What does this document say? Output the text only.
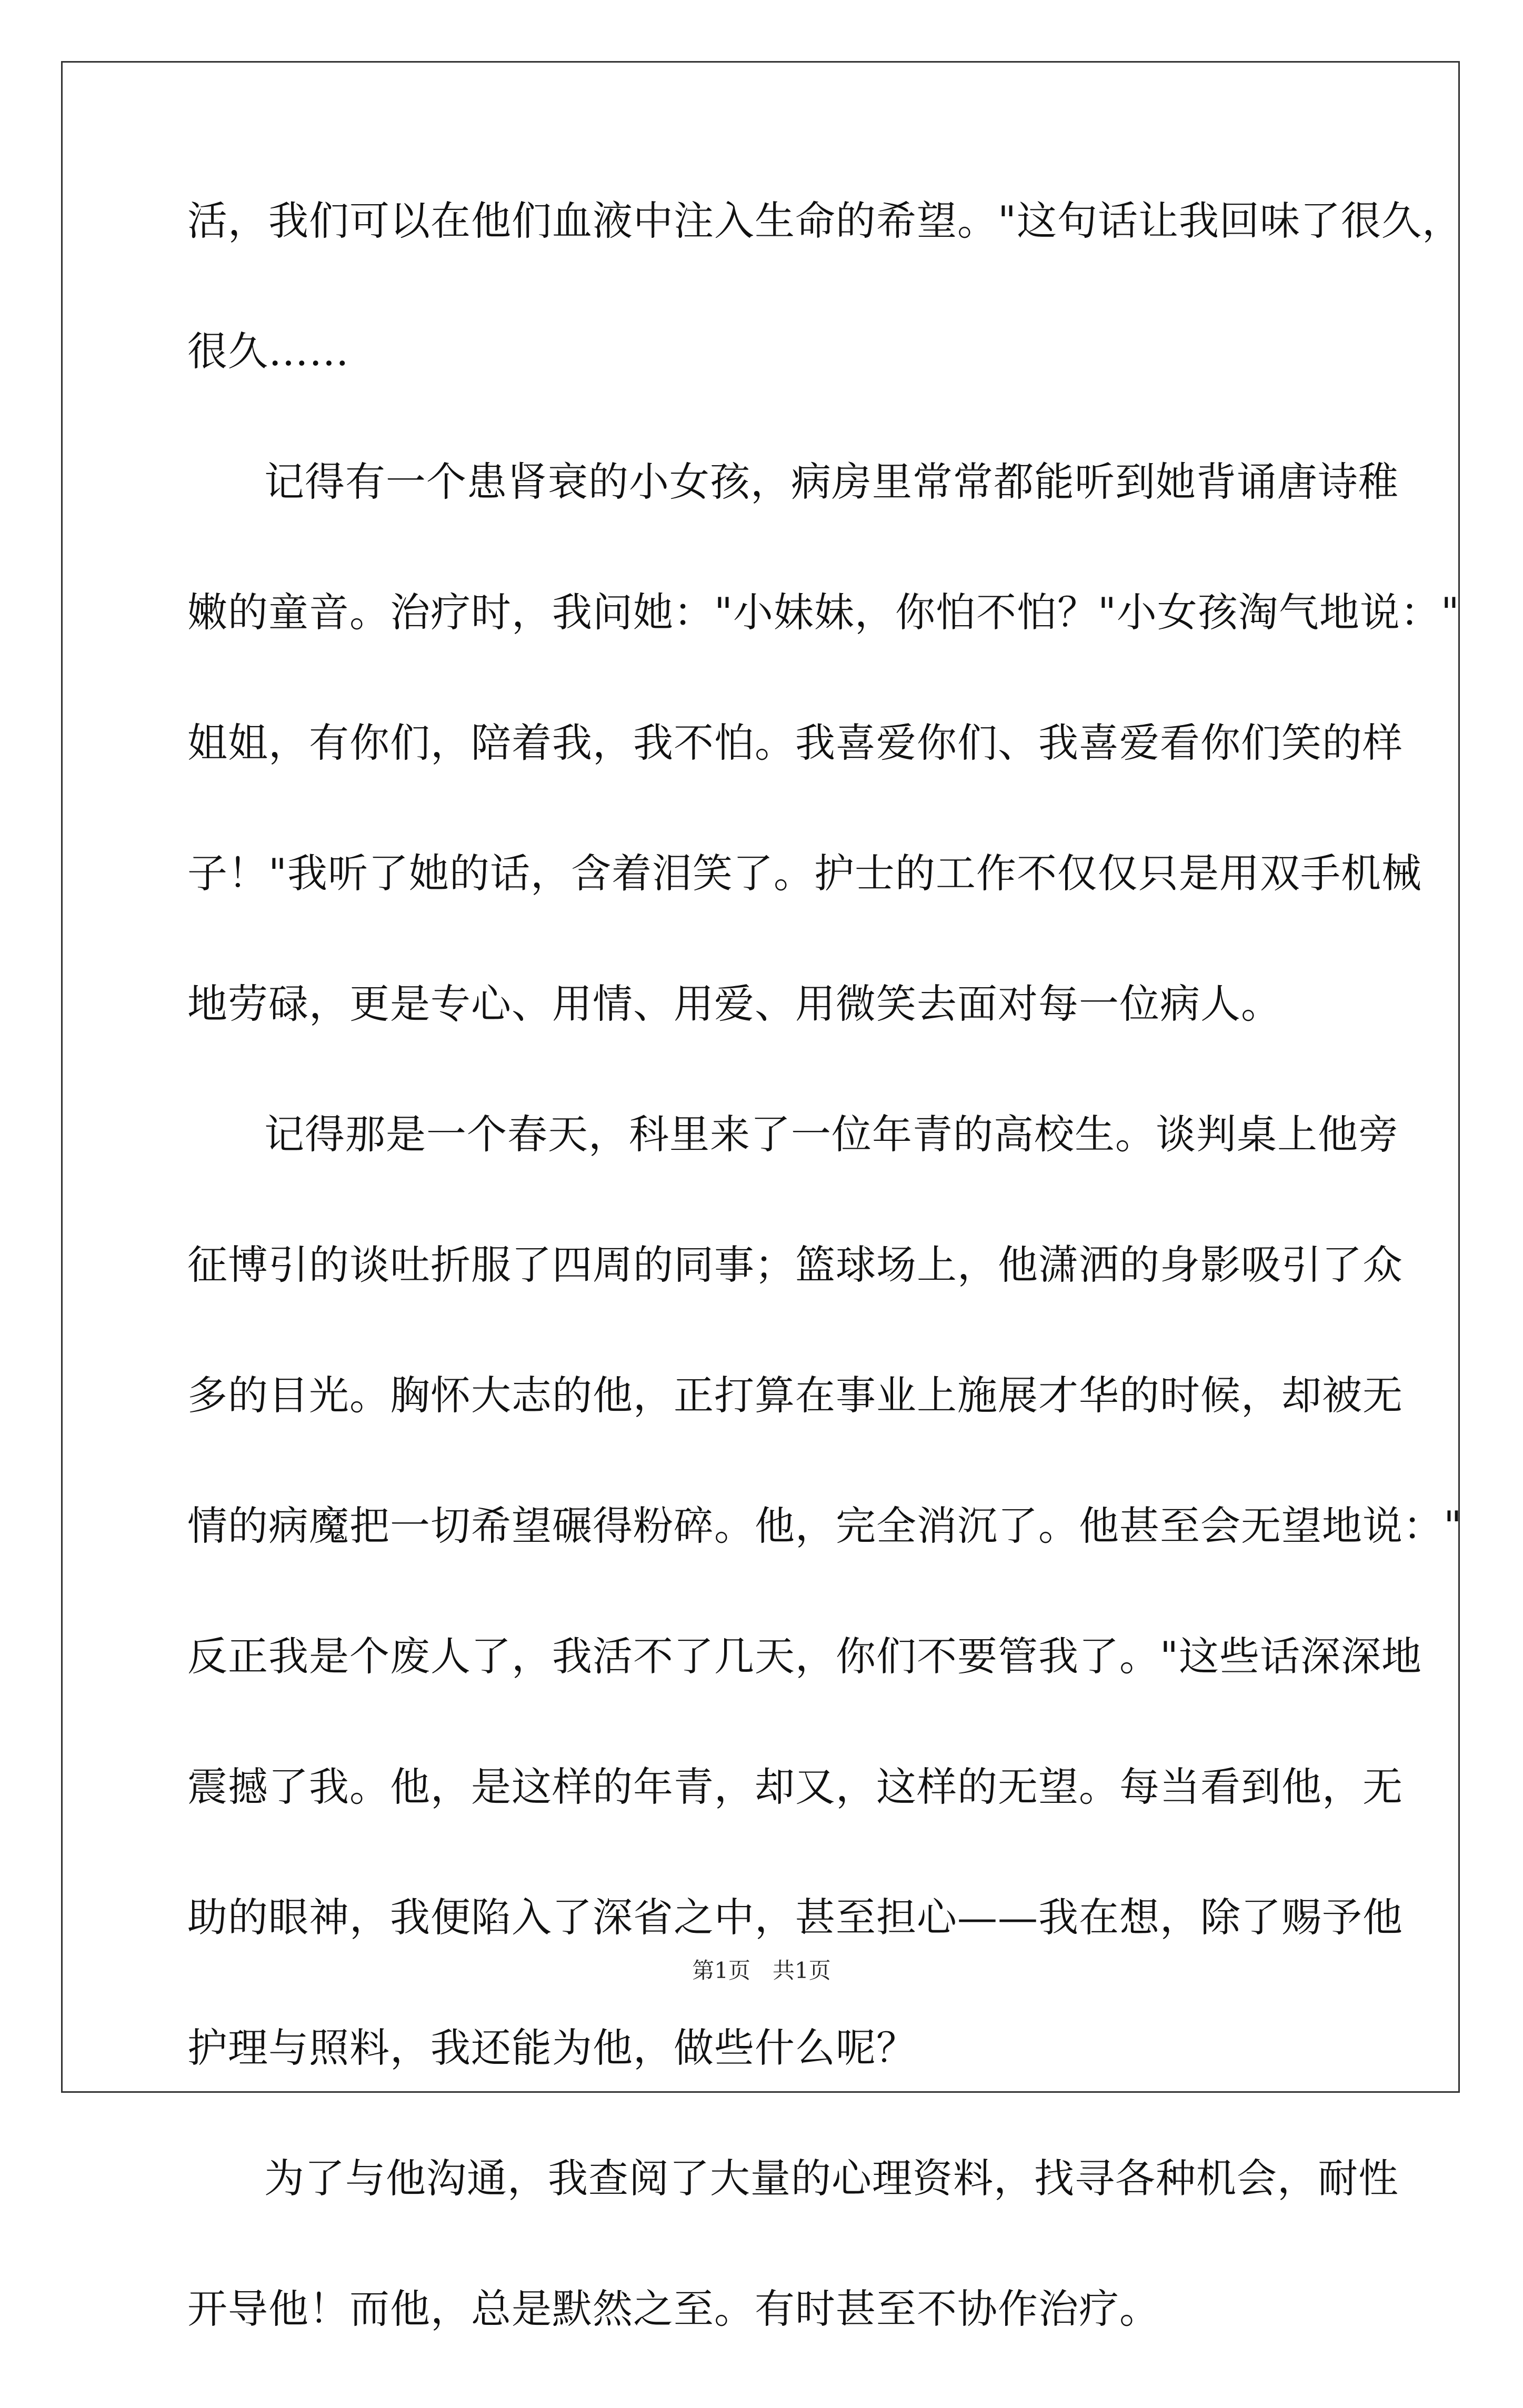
活，我们可以在他们血液中注入生命的希望。"这句话让我回味了很久，
很久……
记得有一个患肾衰的小女孩，病房里常常都能听到她背诵唐诗稚
嫩的童音。治疗时，我问她："小妹妹，你怕不怕？"小女孩淘气地说："
姐姐，有你们，陪着我，我不怕。我喜爱你们、我喜爱看你们笑的样
子！"我听了她的话，含着泪笑了。护士的工作不仅仅只是用双手机械
地劳碌，更是专心、用情、用爱、用微笑去面对每一位病人。
记得那是一个春天，科里来了一位年青的高校生。谈判桌上他旁
征博引的谈吐折服了四周的同事；篮球场上，他潇洒的身影吸引了众
多的目光。胸怀大志的他，正打算在事业上施展才华的时候，却被无
情的病魔把一切希望碾得粉碎。他，完全消沉了。他甚至会无望地说："
反正我是个废人了，我活不了几天，你们不要管我了。"这些话深深地
震撼了我。他，是这样的年青，却又，这样的无望。每当看到他，无
助的眼神，我便陷入了深省之中，甚至担心——我在想，除了赐予他
护理与照料，我还能为他，做些什么呢？
为了与他沟通，我查阅了大量的心理资料，找寻各种机会，耐性
开导他！而他，总是默然之至。有时甚至不协作治疗。
第1页　共1页
